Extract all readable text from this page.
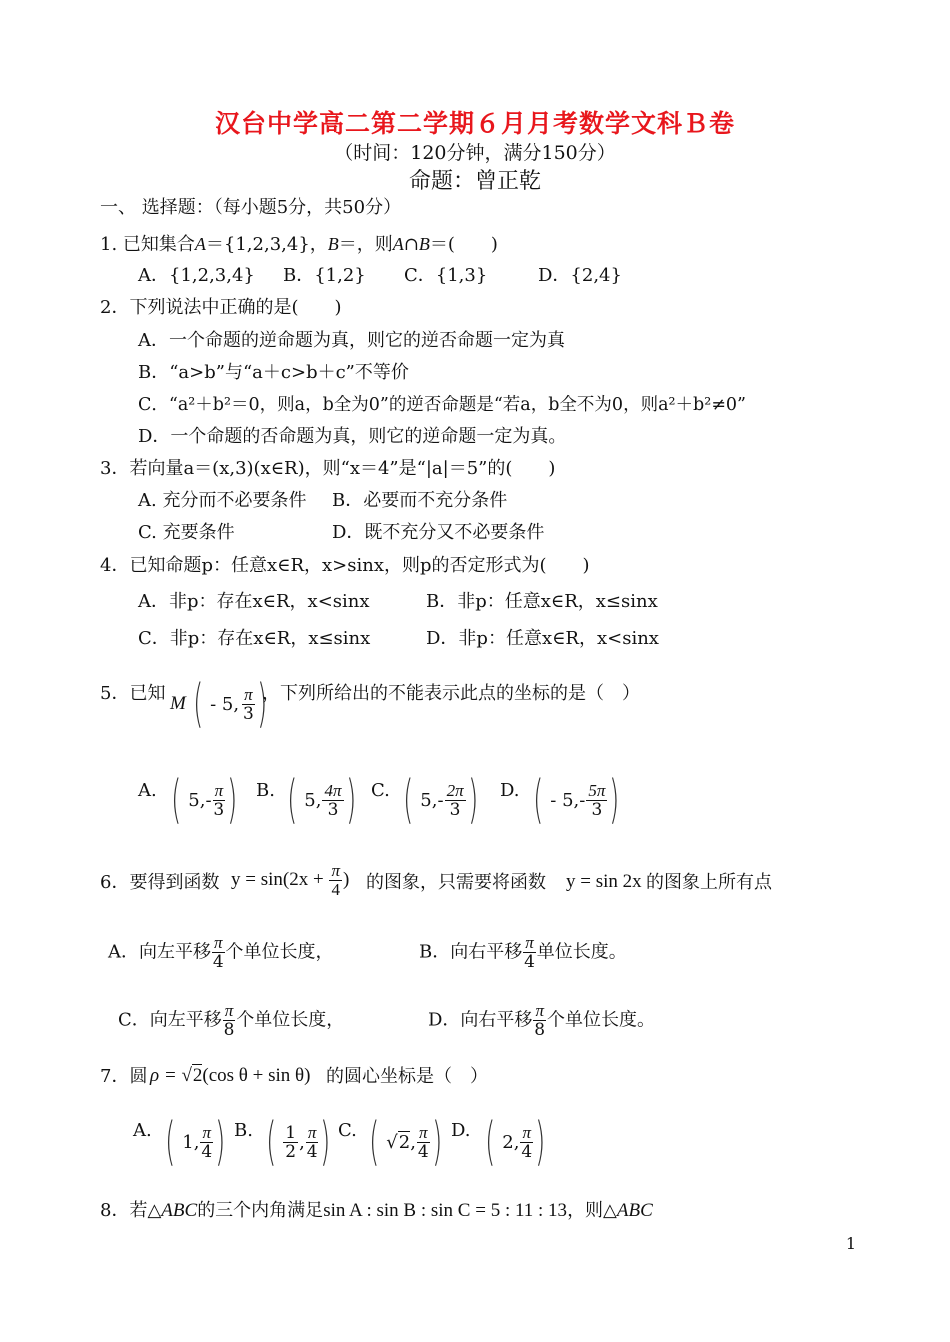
汉台中学高二第二学期６月月考数学文科Ｂ卷
（时间：120分钟，满分150分）
命题：曾正乾
一、 选择题：（每小题5分，共50分）
1. 已知集合A＝{1,2,3,4}，B＝，则A∩B＝(　　)
A．{1,2,3,4} B．{1,2} C．{1,3}	D．{2,4}
2．下列说法中正确的是(　　)
A．一个命题的逆命题为真，则它的逆否命题一定为真
B．“a>b”与“a＋c>b＋c”不等价
C．“a²＋b²＝0，则a，b全为0”的逆否命题是“若a，b全不为0，则a²＋b²≠0”
D．一个命题的否命题为真，则它的逆命题一定为真。
3．若向量a＝(x,3)(x∈R)，则“x＝4”是“|a|＝5”的(　　)
A. 充分而不必要条件 B．必要而不充分条件
C. 充要条件	D．既不充分又不必要条件
4．已知命题p：任意x∈R，x>sinx，则p的否定形式为(　　)
A．非p：存在x∈R，x<sinx	B．非p：任意x∈R，x≤sinx
C．非p：存在x∈R，x≤sinx	D．非p：任意x∈R，x<sinx
5．已知 M ( - 5, $\frac{\pi}{3}$ )
，下列所给出的不能表示此点的坐标的是（　）
A. ( $5,- \frac{\pi}{3}$ ) B. ( 5, $\frac{4\pi}{3}$ ) C. ( $5,- \frac{2\pi}{3}$ ) D. ( - $5,- \frac{5\pi}{3}$ )
6．要得到函数 $y = \sin(2x + \frac{\pi}{4}$ ) 的图象，只需要将函数 y = sin 2x 的图象上所有点
A．向左平移 $\frac{\pi}{4}$ 个单位长度，	B．向右平移 $\frac{\pi}{4}$ 单位长度。
C．向左平移 $\frac{\pi}{8}$ 个单位长度，	D．向右平移 $\frac{\pi}{8}$ 个单位长度。
7．圆 ρ = √2(cos θ + sin θ) 的圆心坐标是（　）
A. ( 1, $\frac{\pi}{4}$ ) B. ( $\frac{1}{2}$ , $\frac{\pi}{4}$ ) C. ( √ 2 , $\frac{\pi}{4}$ ) D. ( 2, $\frac{\pi}{4}$ )
8．若△ABC的三个内角满足sin A : sin B : sin C = 5 : 11 : 13，则△ABC
1
